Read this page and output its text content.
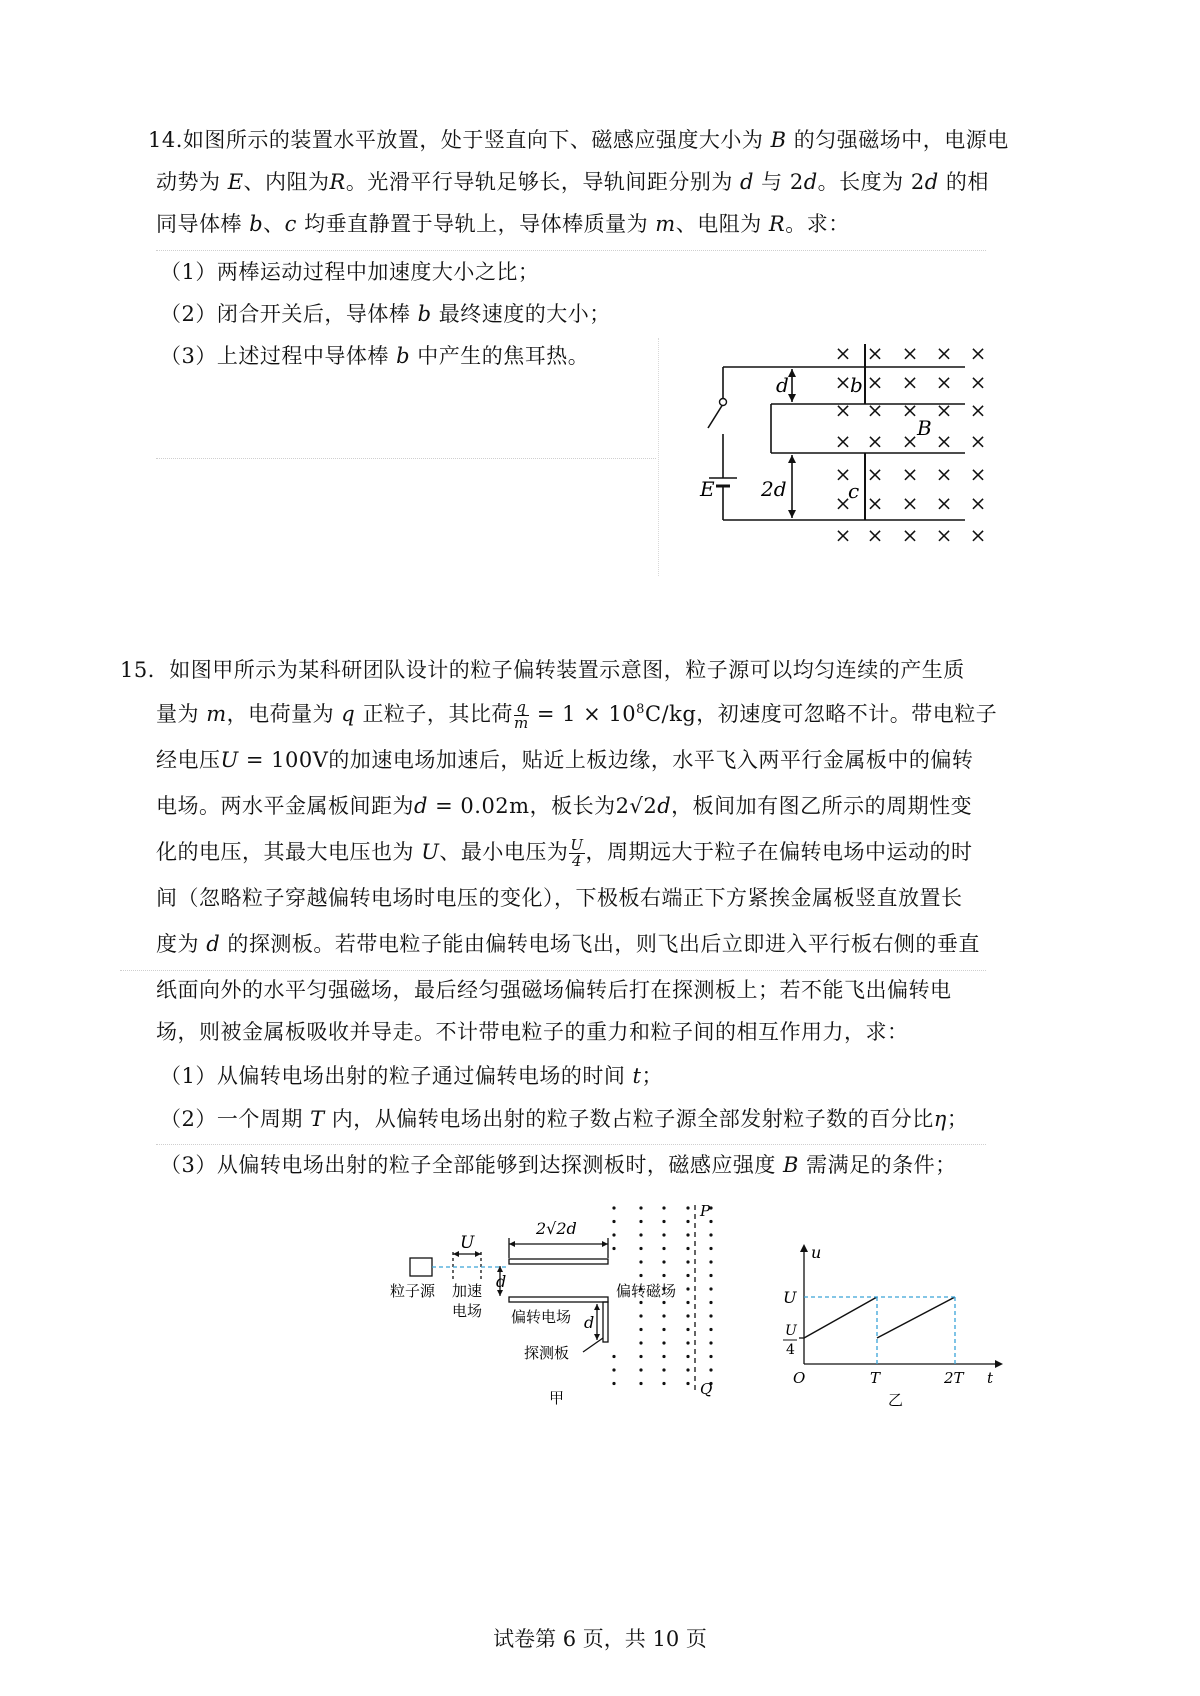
14.如图所示的装置水平放置，处于竖直向下、磁感应强度大小为 B 的匀强磁场中，电源电
动势为 E、内阻为R。光滑平行导轨足够长，导轨间距分别为 d 与 2d。长度为 2d 的相
同导体棒 b、c 均垂直静置于导轨上，导体棒质量为 m、电阻为 R。求：
（1）两棒运动过程中加速度大小之比；
（2）闭合开关后，导体棒 b 最终速度的大小；
（3）上述过程中导体棒 b 中产生的焦耳热。	× × × × ×
× × × × ×
× × × × ×
× × × × ×
× × × × ×
× × × × ×
× × × × ×
d
2d
E
b
c
B
15．如图甲所示为某科研团队设计的粒子偏转装置示意图，粒子源可以均匀连续的产生质
量为 m，电荷量为 q 正粒子，其比荷 $\frac{q}{m} = 1 \times 10^8C/kg$，初速度可忽略不计。带电粒子
经电压U = 100V的加速电场加速后，贴近上板边缘，水平飞入两平行金属板中的偏转
电场。两水平金属板间距为d = 0.02m，板长为2√2d，板间加有图乙所示的周期性变
化的电压，其最大电压也为 U、最小电压为 $\frac{U}{4}$ ，周期远大于粒子在偏转电场中运动的时
间（忽略粒子穿越偏转电场时电压的变化），下极板右端正下方紧挨金属板竖直放置长
度为 d 的探测板。若带电粒子能由偏转电场飞出，则飞出后立即进入平行板右侧的垂直
纸面向外的水平匀强磁场，最后经匀强磁场偏转后打在探测板上；若不能飞出偏转电
场，则被金属板吸收并导走。不计带电粒子的重力和粒子间的相互作用力，求：
（1）从偏转电场出射的粒子通过偏转电场的时间 t；
（2）一个周期 T 内，从偏转电场出射的粒子数占粒子源全部发射粒子数的百分比η；
（3）从偏转电场出射的粒子全部能够到达探测板时，磁感应强度 B 需满足的条件；
U
2√2d
d
d
粒子源 加速
电场 偏转电场
偏转磁场
探测板
P
Q
甲
u
U
U
4
O	T	2T t
乙
试卷第 6 页，共 10 页
